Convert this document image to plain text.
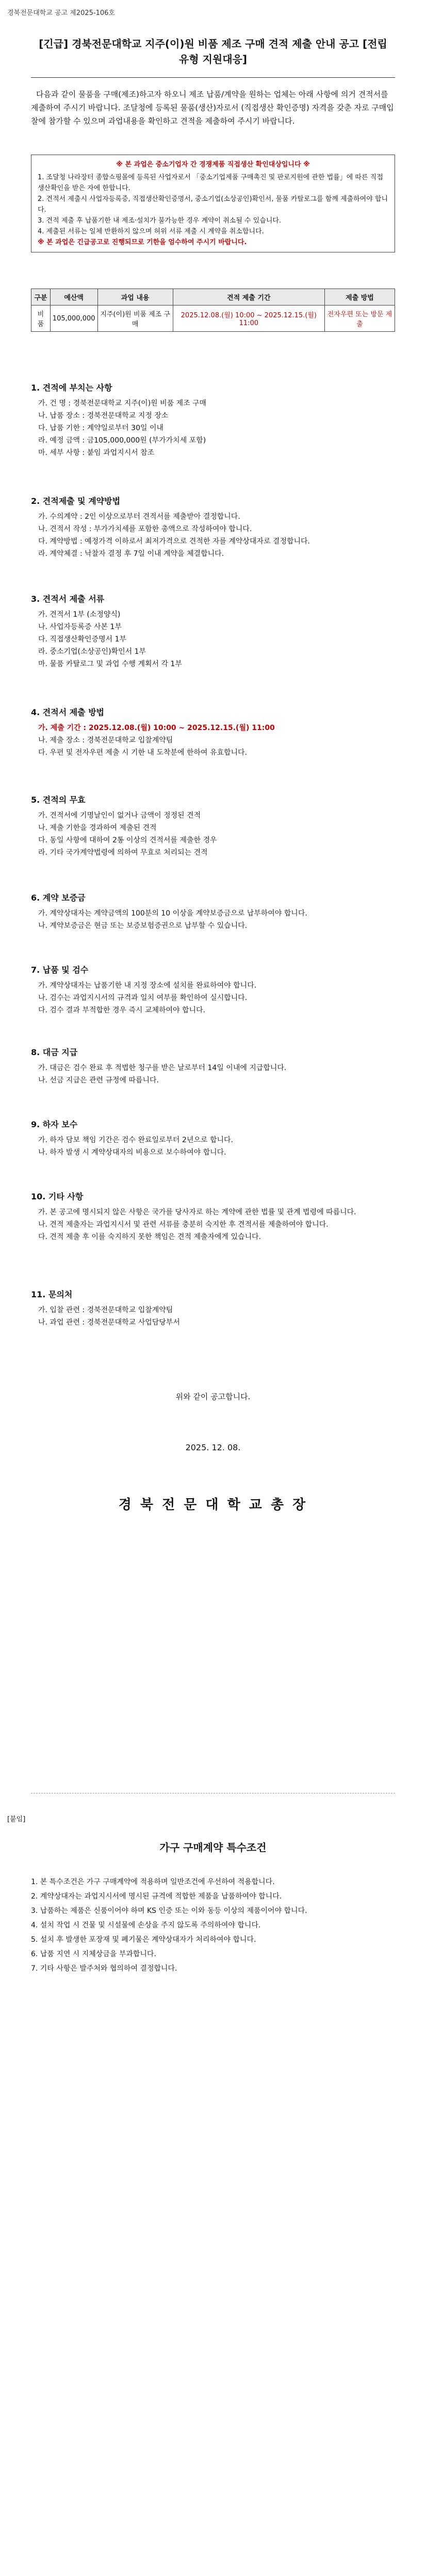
경북전문대학교 공고 제2025-106호
[긴급] 경북전문대학교 지주(이)원 비품 제조 구매 견적 제출 안내 공고 [전립유형 지원대응]

다음과 같이 물품을 구매(제조)하고자 하오니 제조 납품/계약을 원하는 업체는 아래 사항에 의거 견적서를 제출하여 주시기 바랍니다. 조달청에 등록된 물품(생산)자로서 (직접생산 확인증명) 자격을 갖춘 자로 구매입찰에 참가할 수 있으며 과업내용을 확인하고 견적을 제출하여 주시기 바랍니다.

※ 본 과업은 중소기업자 간 경쟁제품 직접생산 확인대상입니다 ※
1. 조달청 나라장터 종합쇼핑몰에 등록된 사업자로서 「중소기업제품 구매촉진 및 판로지원에 관한 법률」에 따른 직접생산확인을 받은 자에 한합니다.
2. 견적서 제출시 사업자등록증, 직접생산확인증명서, 중소기업(소상공인)확인서, 물품 카탈로그를 함께 제출하여야 합니다.
3. 견적 제출 후 납품기한 내 제조·설치가 불가능한 경우 계약이 취소될 수 있습니다.
4. 제출된 서류는 일체 반환하지 않으며 허위 서류 제출 시 계약을 취소합니다.
※ 본 과업은 긴급공고로 진행되므로 기한을 엄수하여 주시기 바랍니다.
구분	예산액	과업 내용	견적 제출 기간	제출 방법
비 품	105,000,000	지주(이)원 비품 제조 구매	2025.12.08.(월) 10:00 ~ 2025.12.15.(월) 11:00	전자우편 또는 방문 제출
1. 견적에 부치는 사항
가. 건 명 : 경북전문대학교 지주(이)원 비품 제조 구매
나. 납품 장소 : 경북전문대학교 지정 장소
다. 납품 기한 : 계약일로부터 30일 이내
라. 예정 금액 : 금105,000,000원 (부가가치세 포함)
마. 세부 사항 : 붙임 과업지시서 참조
2. 견적제출 및 계약방법
가. 수의계약 : 2인 이상으로부터 견적서를 제출받아 결정합니다.
나. 견적서 작성 : 부가가치세를 포함한 총액으로 작성하여야 합니다.
다. 계약방법 : 예정가격 이하로서 최저가격으로 견적한 자를 계약상대자로 결정합니다.
라. 계약체결 : 낙찰자 결정 후 7일 이내 계약을 체결합니다.
3. 견적서 제출 서류
가. 견적서 1부 (소정양식)
나. 사업자등록증 사본 1부
다. 직접생산확인증명서 1부
라. 중소기업(소상공인)확인서 1부
마. 물품 카탈로그 및 과업 수행 계획서 각 1부
4. 견적서 제출 방법
가. 제출 기간 : 2025.12.08.(월) 10:00 ~ 2025.12.15.(월) 11:00
나. 제출 장소 : 경북전문대학교 입찰계약팀
다. 우편 및 전자우편 제출 시 기한 내 도착분에 한하여 유효합니다.
5. 견적의 무효
가. 견적서에 기명날인이 없거나 금액이 정정된 견적
나. 제출 기한을 경과하여 제출된 견적
다. 동일 사항에 대하여 2통 이상의 견적서를 제출한 경우
라. 기타 국가계약법령에 의하여 무효로 처리되는 견적
6. 계약 보증금
가. 계약상대자는 계약금액의 100분의 10 이상을 계약보증금으로 납부하여야 합니다.
나. 계약보증금은 현금 또는 보증보험증권으로 납부할 수 있습니다.
7. 납품 및 검수
가. 계약상대자는 납품기한 내 지정 장소에 설치를 완료하여야 합니다.
나. 검수는 과업지시서의 규격과 일치 여부를 확인하여 실시합니다.
다. 검수 결과 부적합한 경우 즉시 교체하여야 합니다.
8. 대금 지급
가. 대금은 검수 완료 후 적법한 청구를 받은 날로부터 14일 이내에 지급합니다.
나. 선금 지급은 관련 규정에 따릅니다.
9. 하자 보수
가. 하자 담보 책임 기간은 검수 완료일로부터 2년으로 합니다.
나. 하자 발생 시 계약상대자의 비용으로 보수하여야 합니다.
10. 기타 사항
가. 본 공고에 명시되지 않은 사항은 국가를 당사자로 하는 계약에 관한 법률 및 관계 법령에 따릅니다.
나. 견적 제출자는 과업지시서 및 관련 서류를 충분히 숙지한 후 견적서를 제출하여야 합니다.
다. 견적 제출 후 이를 숙지하지 못한 책임은 견적 제출자에게 있습니다.
11. 문의처
가. 입찰 관련 : 경북전문대학교 입찰계약팀
나. 과업 관련 : 경북전문대학교 사업담당부서
위와 같이 공고합니다.
2025. 12. 08.
경 북 전 문 대 학 교 총 장
[붙임]
가구 구매계약 특수조건

1. 본 특수조건은 가구 구매계약에 적용하며 일반조건에 우선하여 적용합니다.

2. 계약상대자는 과업지시서에 명시된 규격에 적합한 제품을 납품하여야 합니다.

3. 납품하는 제품은 신품이어야 하며 KS 인증 또는 이와 동등 이상의 제품이어야 합니다.

4. 설치 작업 시 건물 및 시설물에 손상을 주지 않도록 주의하여야 합니다.

5. 설치 후 발생한 포장재 및 폐기물은 계약상대자가 처리하여야 합니다.

6. 납품 지연 시 지체상금을 부과합니다.

7. 기타 사항은 발주처와 협의하여 결정합니다.
